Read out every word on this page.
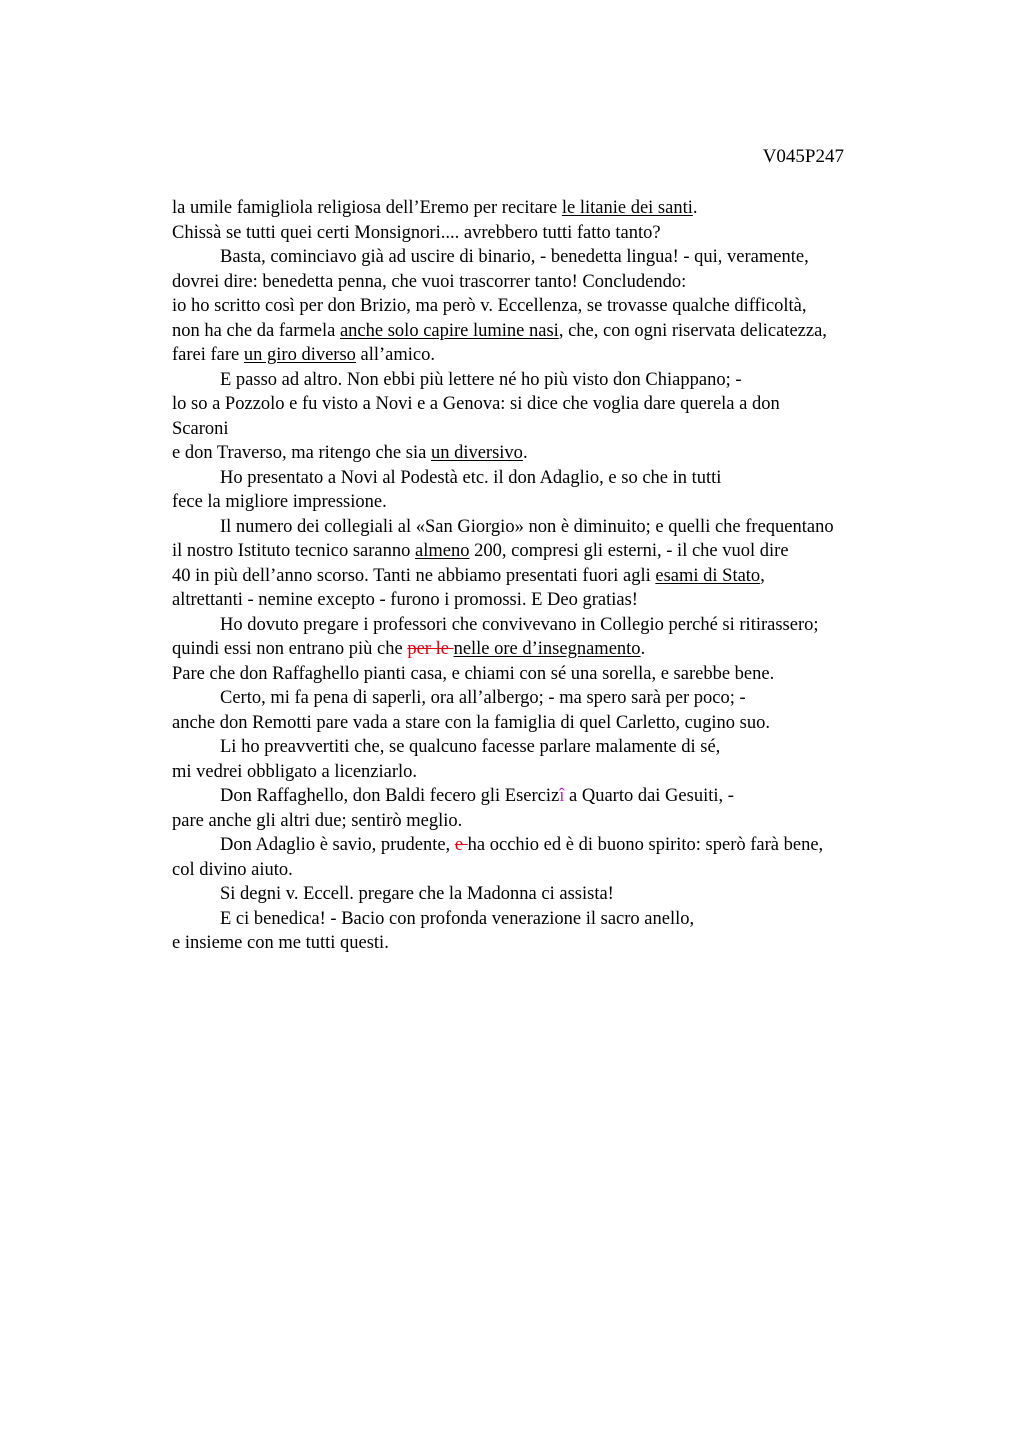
V045P247
la umile famigliola religiosa dell’Eremo per recitare le litanie dei santi.
Chissà se tutti quei certi Monsignori.... avrebbero tutti fatto tanto?
Basta, cominciavo già ad uscire di binario, - benedetta lingua! - qui, veramente,
dovrei dire: benedetta penna, che vuoi trascorrer tanto! Concludendo:
io ho scritto così per don Brizio, ma però v. Eccellenza, se trovasse qualche difficoltà,
non ha che da farmela anche solo capire lumine nasi, che, con ogni riservata delicatezza,
farei fare un giro diverso all’amico.
E passo ad altro. Non ebbi più lettere né ho più visto don Chiappano; -
lo so a Pozzolo e fu visto a Novi e a Genova: si dice che voglia dare querela a don
Scaroni
e don Traverso, ma ritengo che sia un diversivo.
Ho presentato a Novi al Podestà etc. il don Adaglio, e so che in tutti
fece la migliore impressione.
Il numero dei collegiali al «San Giorgio» non è diminuito; e quelli che frequentano
il nostro Istituto tecnico saranno almeno 200, compresi gli esterni, - il che vuol dire
40 in più dell’anno scorso. Tanti ne abbiamo presentati fuori agli esami di Stato,
altrettanti - nemine excepto - furono i promossi. E Deo gratias!
Ho dovuto pregare i professori che convivevano in Collegio perché si ritirassero;
quindi essi non entrano più che per le nelle ore d’insegnamento.
Pare che don Raffaghello pianti casa, e chiami con sé una sorella, e sarebbe bene.
Certo, mi fa pena di saperli, ora all’albergo; - ma spero sarà per poco; -
anche don Remotti pare vada a stare con la famiglia di quel Carletto, cugino suo.
Li ho preavvertiti che, se qualcuno facesse parlare malamente di sé,
mi vedrei obbligato a licenziarlo.
Don Raffaghello, don Baldi fecero gli Esercizî a Quarto dai Gesuiti, -
pare anche gli altri due; sentirò meglio.
Don Adaglio è savio, prudente, e ha occhio ed è di buono spirito: sperò farà bene,
col divino aiuto.
Si degni v. Eccell. pregare che la Madonna ci assista!
E ci benedica! - Bacio con profonda venerazione il sacro anello,
e insieme con me tutti questi.
